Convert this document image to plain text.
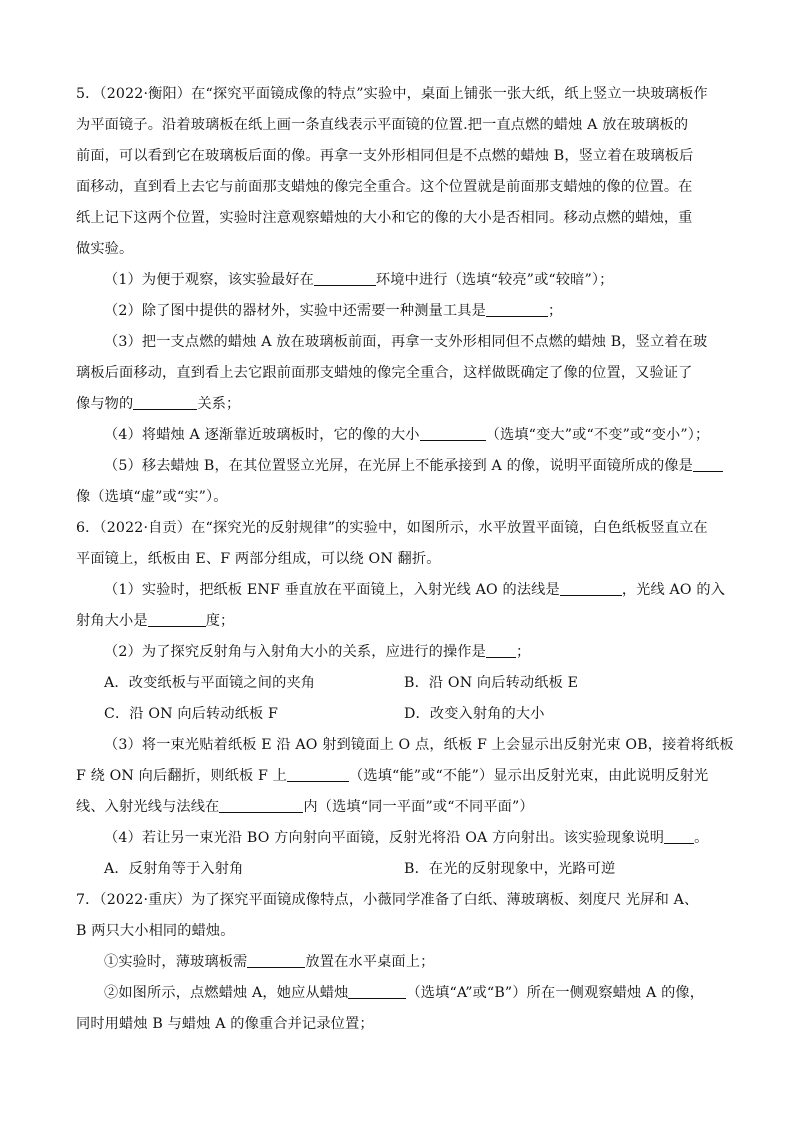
5．（2022·衡阳）在“探究平面镜成像的特点”实验中，桌面上铺张一张大纸，纸上竖立一块玻璃板作
为平面镜子。沿着玻璃板在纸上画一条直线表示平面镜的位置.把一直点燃的蜡烛 A 放在玻璃板的
前面，可以看到它在玻璃板后面的像。再拿一支外形相同但是不点燃的蜡烛 B，竖立着在玻璃板后
面移动，直到看上去它与前面那支蜡烛的像完全重合。这个位置就是前面那支蜡烛的像的位置。在
纸上记下这两个位置，实验时注意观察蜡烛的大小和它的像的大小是否相同。移动点燃的蜡烛，重
做实验。
（1）为便于观察，该实验最好在	环境中进行（选填“较亮”或“较暗”）；
（2）除了图中提供的器材外，实验中还需要一种测量工具是	；
（3）把一支点燃的蜡烛 A 放在玻璃板前面，再拿一支外形相同但不点燃的蜡烛 B，竖立着在玻
璃板后面移动，直到看上去它跟前面那支蜡烛的像完全重合，这样做既确定了像的位置，又验证了
像与物的	关系；
（4）将蜡烛 A 逐渐靠近玻璃板时，它的像的大小	（选填“变大”或“不变”或“变小”）；
（5）移去蜡烛 B，在其位置竖立光屏，在光屏上不能承接到 A 的像，说明平面镜所成的像是
像（选填“虚”或“实”）。
6．（2022·自贡）在“探究光的反射规律”的实验中，如图所示，水平放置平面镜，白色纸板竖直立在
平面镜上，纸板由 E、F 两部分组成，可以绕 ON 翻折。
（1）实验时，把纸板 ENF 垂直放在平面镜上，入射光线 AO 的法线是	，光线 AO 的入
射角大小是	度；
（2）为了探究反射角与入射角大小的关系，应进行的操作是 ；
A．改变纸板与平面镜之间的夹角	B．沿 ON 向后转动纸板 E
C．沿 ON 向后转动纸板 F	D．改变入射角的大小
（3）将一束光贴着纸板 E 沿 AO 射到镜面上 O 点，纸板 F 上会显示出反射光束 OB，接着将纸板
F 绕 ON 向后翻折，则纸板 F 上	（选填“能”或“不能”）显示出反射光束，由此说明反射光
线、入射光线与法线在	内（选填“同一平面”或“不同平面”）
（4）若让另一束光沿 BO 方向射向平面镜，反射光将沿 OA 方向射出。该实验现象说明 。
A．反射角等于入射角	B．在光的反射现象中，光路可逆
7．（2022·重庆）为了探究平面镜成像特点，小薇同学准备了白纸、薄玻璃板、刻度尺 光屏和 A、
B 两只大小相同的蜡烛。
①实验时，薄玻璃板需	放置在水平桌面上；
②如图所示，点燃蜡烛 A，她应从蜡烛	（选填“A”或“B”）所在一侧观察蜡烛 A 的像，
同时用蜡烛 B 与蜡烛 A 的像重合并记录位置；
